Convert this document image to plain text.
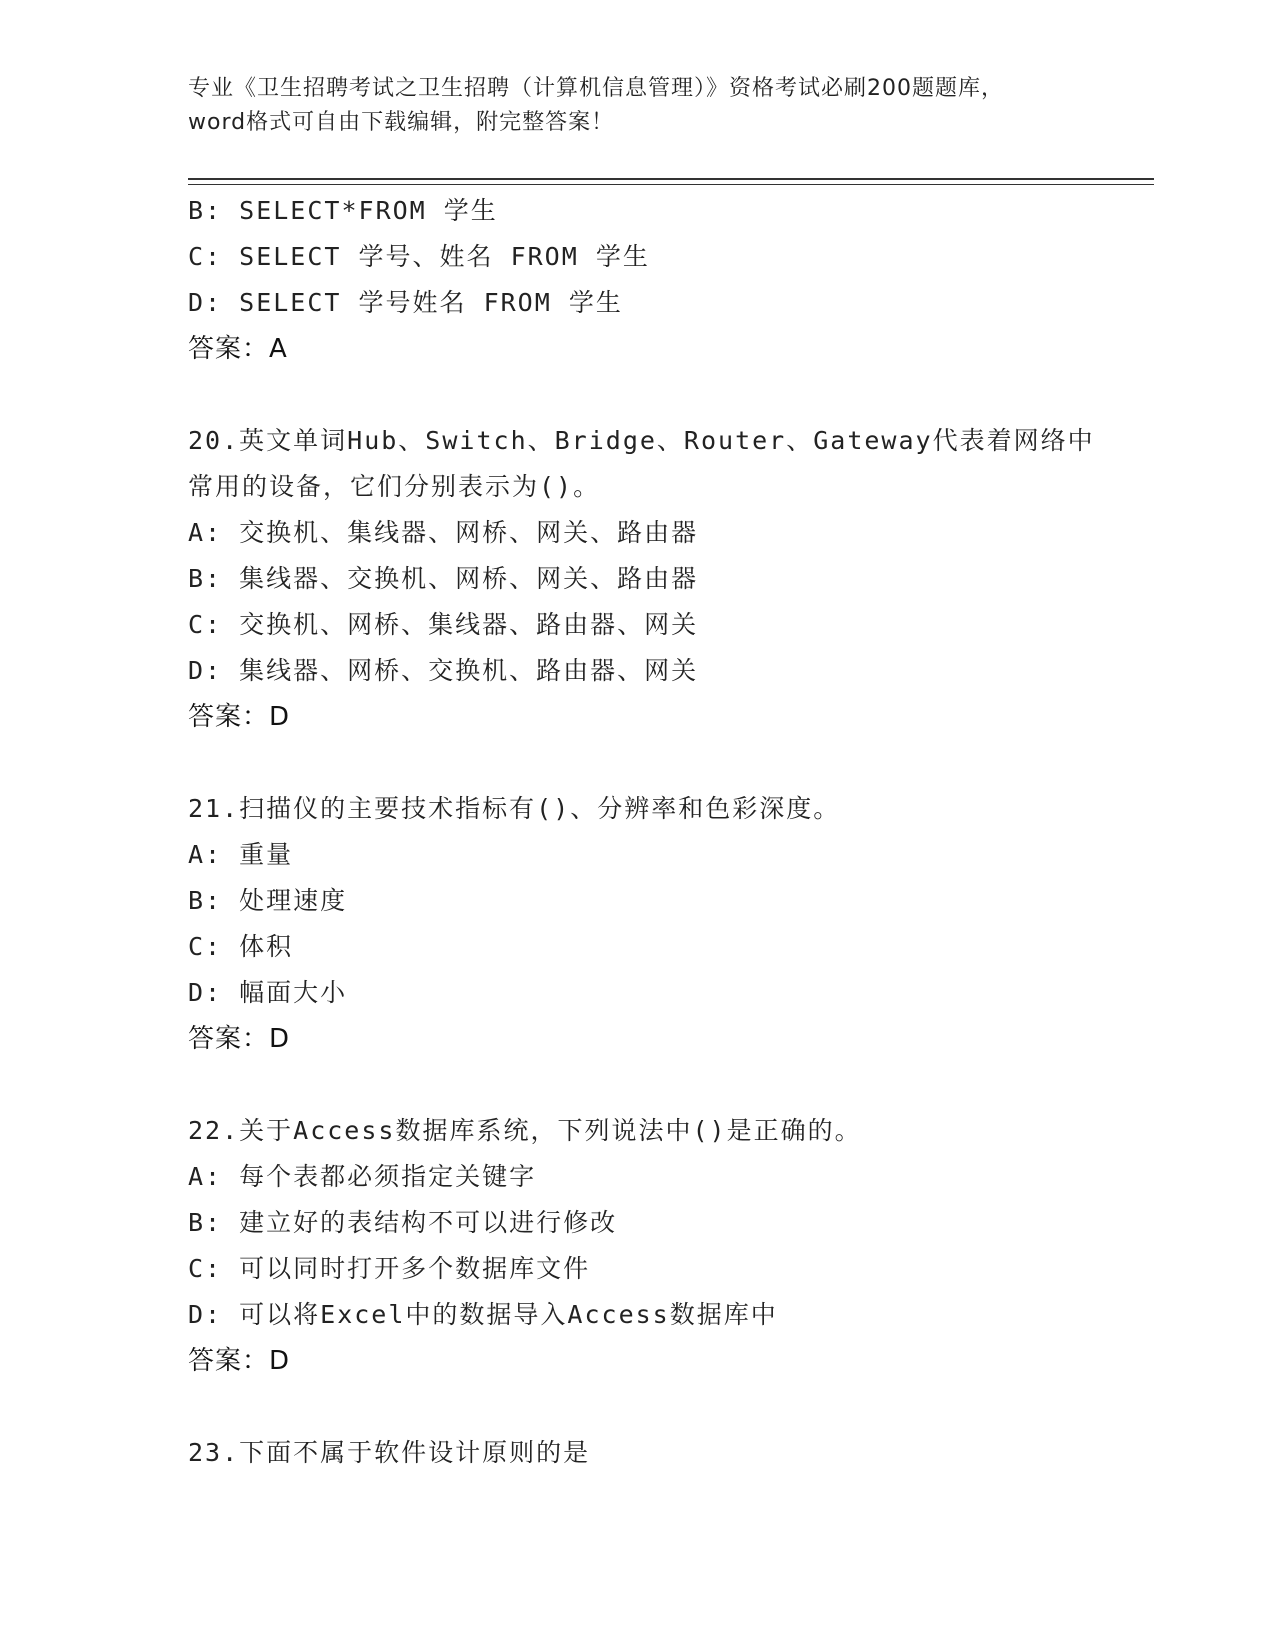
专业《卫生招聘考试之卫生招聘（计算机信息管理）》资格考试必刷200题题库，
word格式可自由下载编辑，附完整答案！
B: SELECT*FROM 学生
C: SELECT 学号、姓名 FROM 学生
D: SELECT 学号姓名 FROM 学生
答案：A
20.英文单词Hub、Switch、Bridge、Router、Gateway代表着网络中
常用的设备，它们分别表示为()。
A: 交换机、集线器、网桥、网关、路由器
B: 集线器、交换机、网桥、网关、路由器
C: 交换机、网桥、集线器、路由器、网关
D: 集线器、网桥、交换机、路由器、网关
答案：D
21.扫描仪的主要技术指标有()、分辨率和色彩深度。
A: 重量
B: 处理速度
C: 体积
D: 幅面大小
答案：D
22.关于Access数据库系统，下列说法中()是正确的。
A: 每个表都必须指定关键字
B: 建立好的表结构不可以进行修改
C: 可以同时打开多个数据库文件
D: 可以将Excel中的数据导入Access数据库中
答案：D
23.下面不属于软件设计原则的是
